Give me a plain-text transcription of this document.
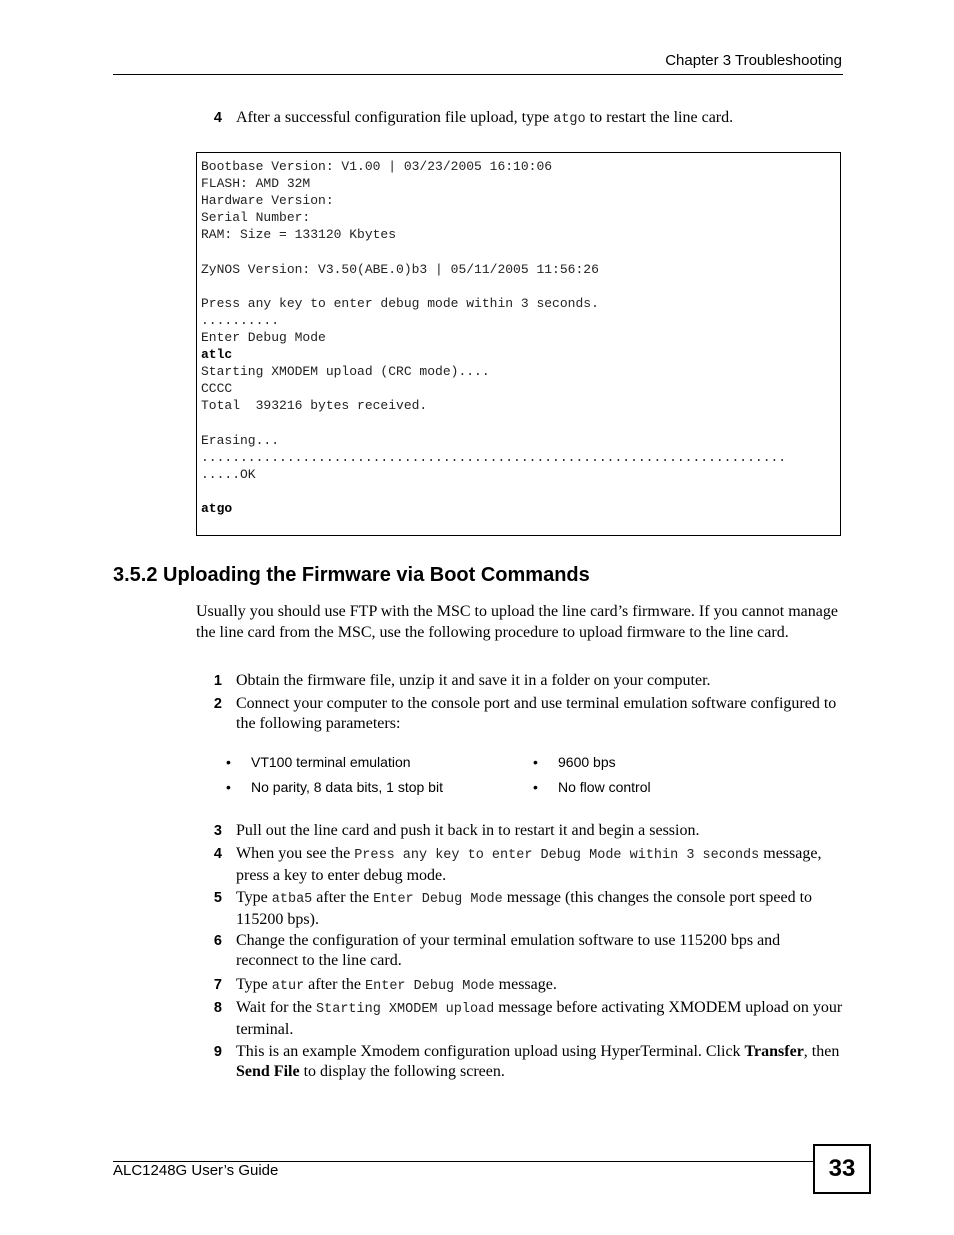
Chapter 3 Troubleshooting
4 After a successful configuration file upload, type atgo to restart the line card.
Bootbase Version: V1.00 | 03/23/2005 16:10:06
FLASH: AMD 32M
Hardware Version:
Serial Number:
RAM: Size = 133120 Kbytes

ZyNOS Version: V3.50(ABE.0)b3 | 05/11/2005 11:56:26

Press any key to enter debug mode within 3 seconds.
..........
Enter Debug Mode
atlc
Starting XMODEM upload (CRC mode)....
CCCC
Total  393216 bytes received.

Erasing...
...........................................................................
.....OK

atgo
3.5.2 Uploading the Firmware via Boot Commands
Usually you should use FTP with the MSC to upload the line card’s firmware. If you cannot manage the line card from the MSC, use the following procedure to upload firmware to the line card.
1 Obtain the firmware file, unzip it and save it in a folder on your computer.
2 Connect your computer to the console port and use terminal emulation software configured to the following parameters:
• VT100 terminal emulation	• 9600 bps
• No parity, 8 data bits, 1 stop bit	• No flow control
3 Pull out the line card and push it back in to restart it and begin a session.
4 When you see the Press any key to enter Debug Mode within 3 seconds message, press a key to enter debug mode.
5 Type atba5 after the Enter Debug Mode message (this changes the console port speed to 115200 bps).
6 Change the configuration of your terminal emulation software to use 115200 bps and reconnect to the line card.
7 Type atur after the Enter Debug Mode message.
8 Wait for the Starting XMODEM upload message before activating XMODEM upload on your terminal.
9 This is an example Xmodem configuration upload using HyperTerminal. Click Transfer, then Send File to display the following screen.
ALC1248G User’s Guide	33
